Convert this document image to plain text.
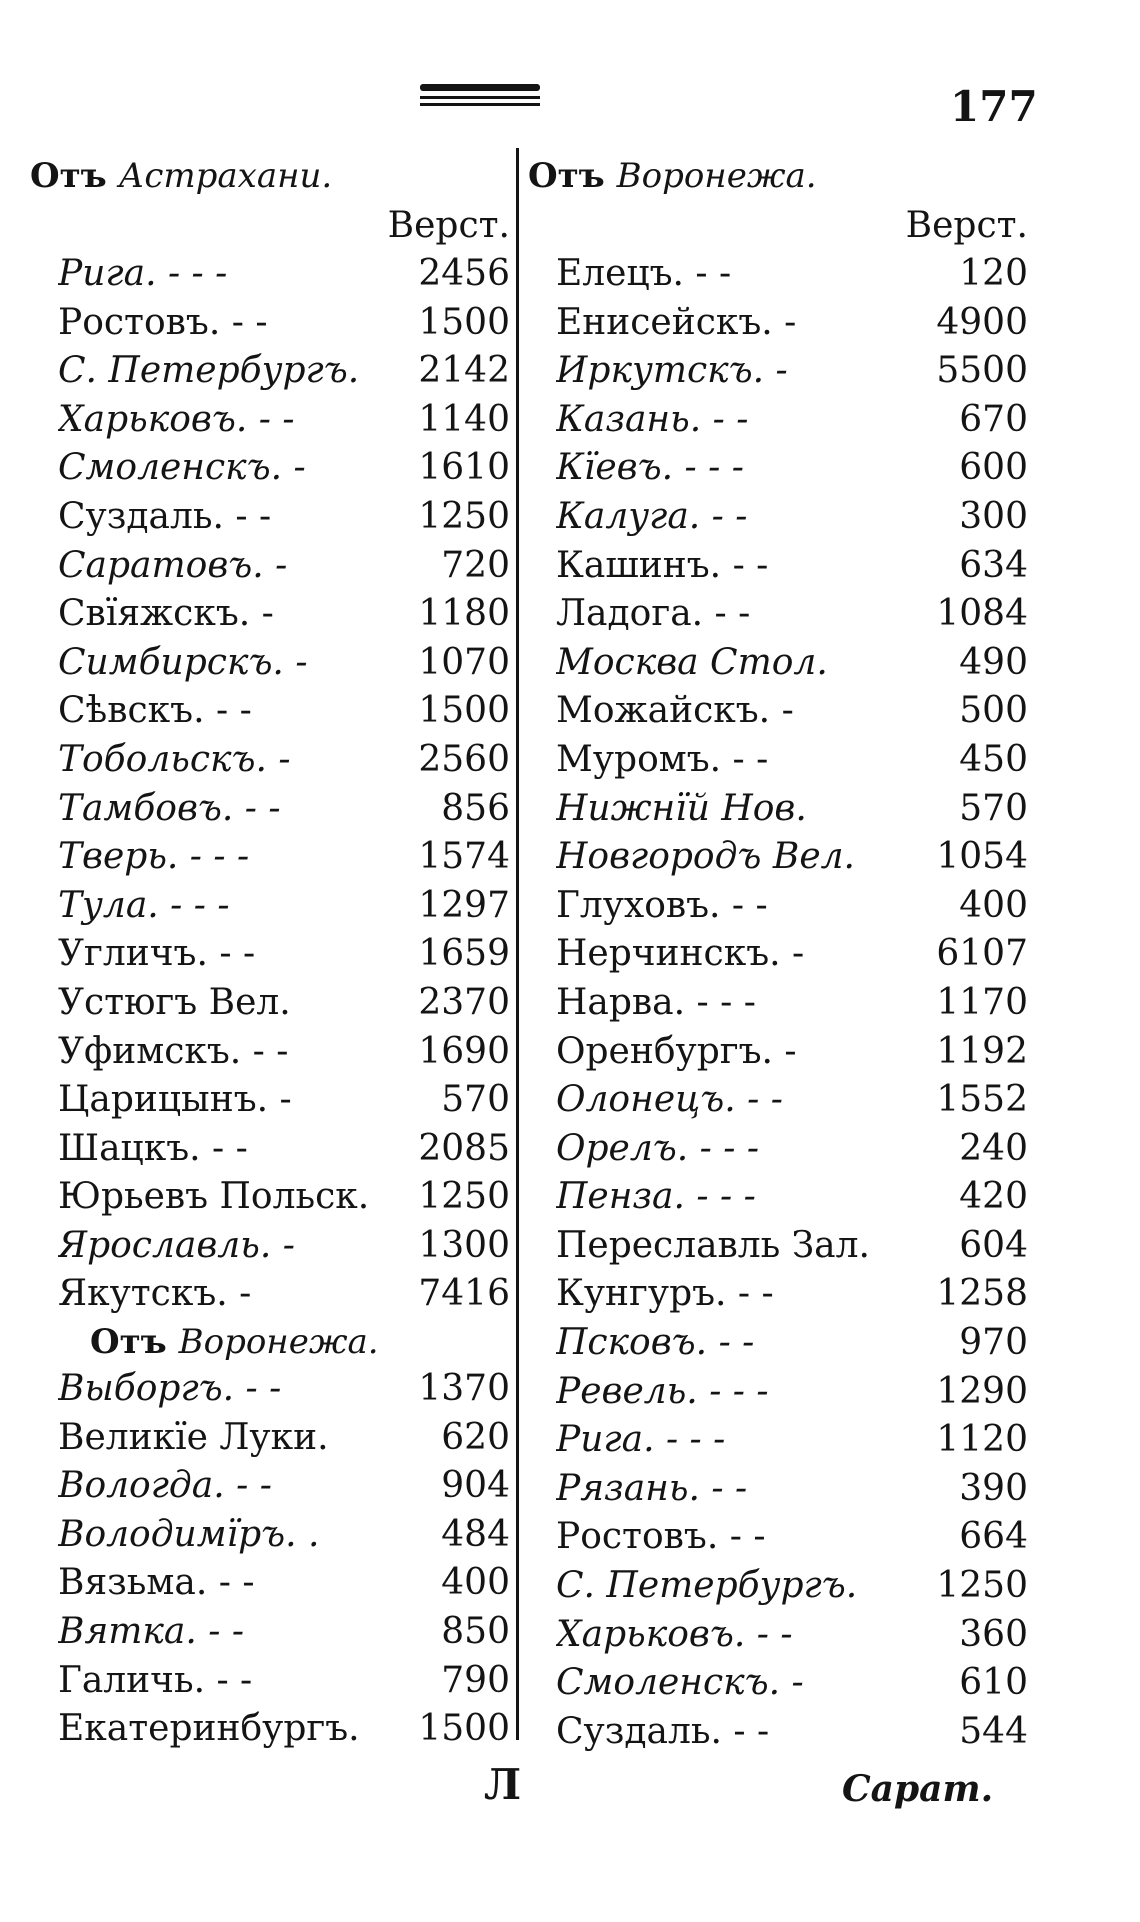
177
Отъ Астрахани.
Верст.
Рига. - - -	2456
Ростовъ. - -	1500
С. Петербургъ.	2142
Харьковъ. - -	1140
Смоленскъ. -	1610
Суздаль. - -	1250
Саратовъ. -	720
Свїяжскъ. -	1180
Симбирскъ. -	1070
Сѣвскъ. - -	1500
Тобольскъ. -	2560
Тамбовъ. - -	856
Тверь. - - -	1574
Тула. - - -	1297
Угличъ. - -	1659
Устюгъ Вел.	2370
Уфимскъ. - -	1690
Царицынъ. -	570
Шацкъ. - -	2085
Юрьевъ Польск.	1250
Ярославль. -	1300
Якутскъ. -	7416
Отъ Воронежа.
Выборгъ. - -	1370
Великїе Луки.	620
Вологда. - -	904
Володимїръ. .	484
Вязьма. - -	400
Вятка. - -	850
Галичь. - -	790
Екатеринбургъ.	1500
Отъ Воронежа.
Верст.
Елецъ. - -	120
Енисейскъ. -	4900
Иркутскъ. -	5500
Казань. - -	670
Кїевъ. - - -	600
Калуга. - -	300
Кашинъ. - -	634
Ладога. - -	1084
Москва Стол.	490
Можайскъ. -	500
Муромъ. - -	450
Нижнїй Нов.	570
Новгородъ Вел.	1054
Глуховъ. - -	400
Нерчинскъ. -	6107
Нарва. - - -	1170
Оренбургъ. -	1192
Олонецъ. - -	1552
Орелъ. - - -	240
Пенза. - - -	420
Переславль Зал.	604
Кунгуръ. - -	1258
Псковъ. - -	970
Ревель. - - -	1290
Рига. - - -	1120
Рязань. - -	390
Ростовъ. - -	664
С. Петербургъ.	1250
Харьковъ. - -	360
Смоленскъ. -	610
Суздаль. - -	544
Л	Сарат.
